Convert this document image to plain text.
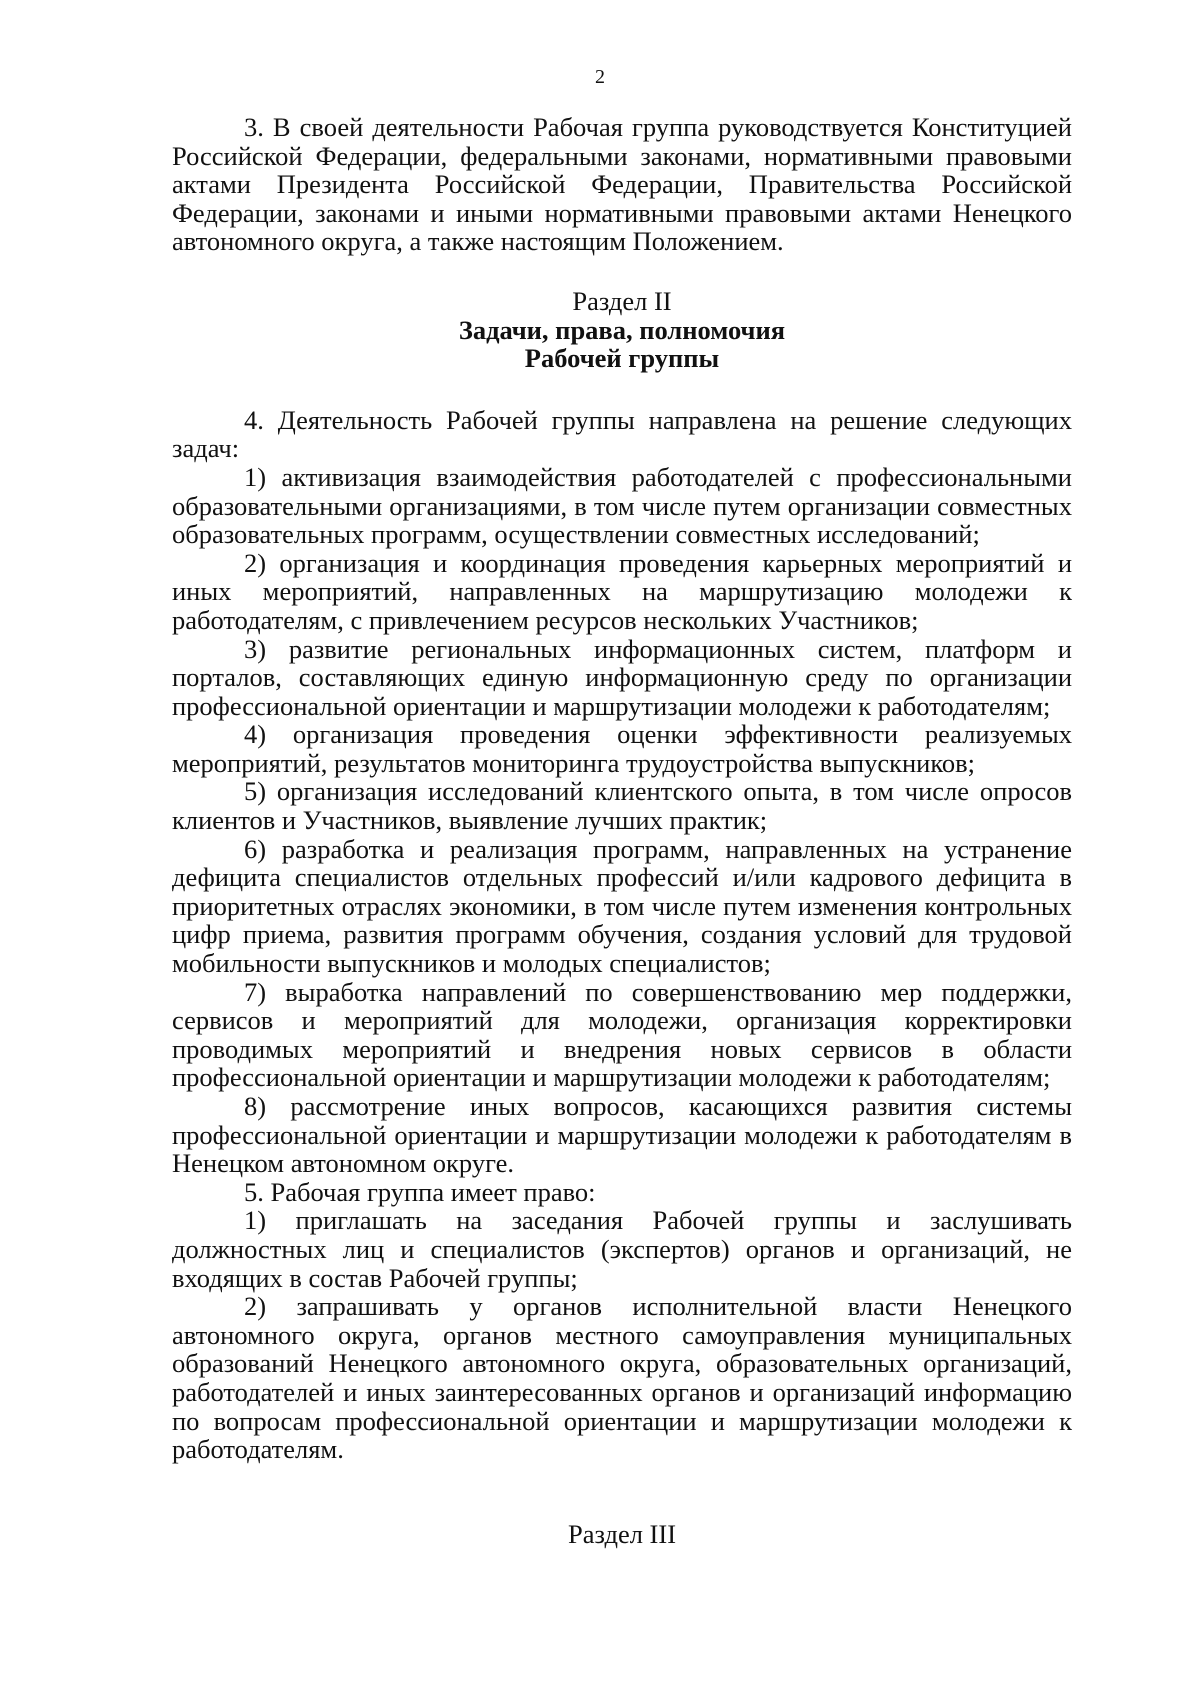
2

3. В своей деятельности Рабочая группа руководствуется Конституцией Российской Федерации, федеральными законами, нормативными правовыми актами Президента Российской Федерации, Правительства Российской Федерации, законами и иными нормативными правовыми актами Ненецкого автономного округа, а также настоящим Положением.

Раздел II

Задачи, права, полномочия

Рабочей группы

4. Деятельность Рабочей группы направлена на решение следующих задач:

1) активизация взаимодействия работодателей с профессиональными образовательными организациями, в том числе путем организации совместных образовательных программ, осуществлении совместных исследований;

2) организация и координация проведения карьерных мероприятий и иных мероприятий, направленных на маршрутизацию молодежи к работодателям, с привлечением ресурсов нескольких Участников;

3) развитие региональных информационных систем, платформ и порталов, составляющих единую информационную среду по организации профессиональной ориентации и маршрутизации молодежи к работодателям;

4) организация проведения оценки эффективности реализуемых мероприятий, результатов мониторинга трудоустройства выпускников;

5) организация исследований клиентского опыта, в том числе опросов клиентов и Участников, выявление лучших практик;

6) разработка и реализация программ, направленных на устранение дефицита специалистов отдельных профессий и/или кадрового дефицита в приоритетных отраслях экономики, в том числе путем изменения контрольных цифр приема, развития программ обучения, создания условий для трудовой мобильности выпускников и молодых специалистов;

7) выработка направлений по совершенствованию мер поддержки, сервисов и мероприятий для молодежи, организация корректировки проводимых мероприятий и внедрения новых сервисов в области профессиональной ориентации и маршрутизации молодежи к работодателям;

8) рассмотрение иных вопросов, касающихся развития системы профессиональной ориентации и маршрутизации молодежи к работодателям в Ненецком автономном округе.

5. Рабочая группа имеет право:

1) приглашать на заседания Рабочей группы и заслушивать должностных лиц и специалистов (экспертов) органов и организаций, не входящих в состав Рабочей группы;

2) запрашивать у органов исполнительной власти Ненецкого автономного округа, органов местного самоуправления муниципальных образований Ненецкого автономного округа, образовательных организаций, работодателей и иных заинтересованных органов и организаций информацию по вопросам профессиональной ориентации и маршрутизации молодежи к работодателям.

Раздел III
